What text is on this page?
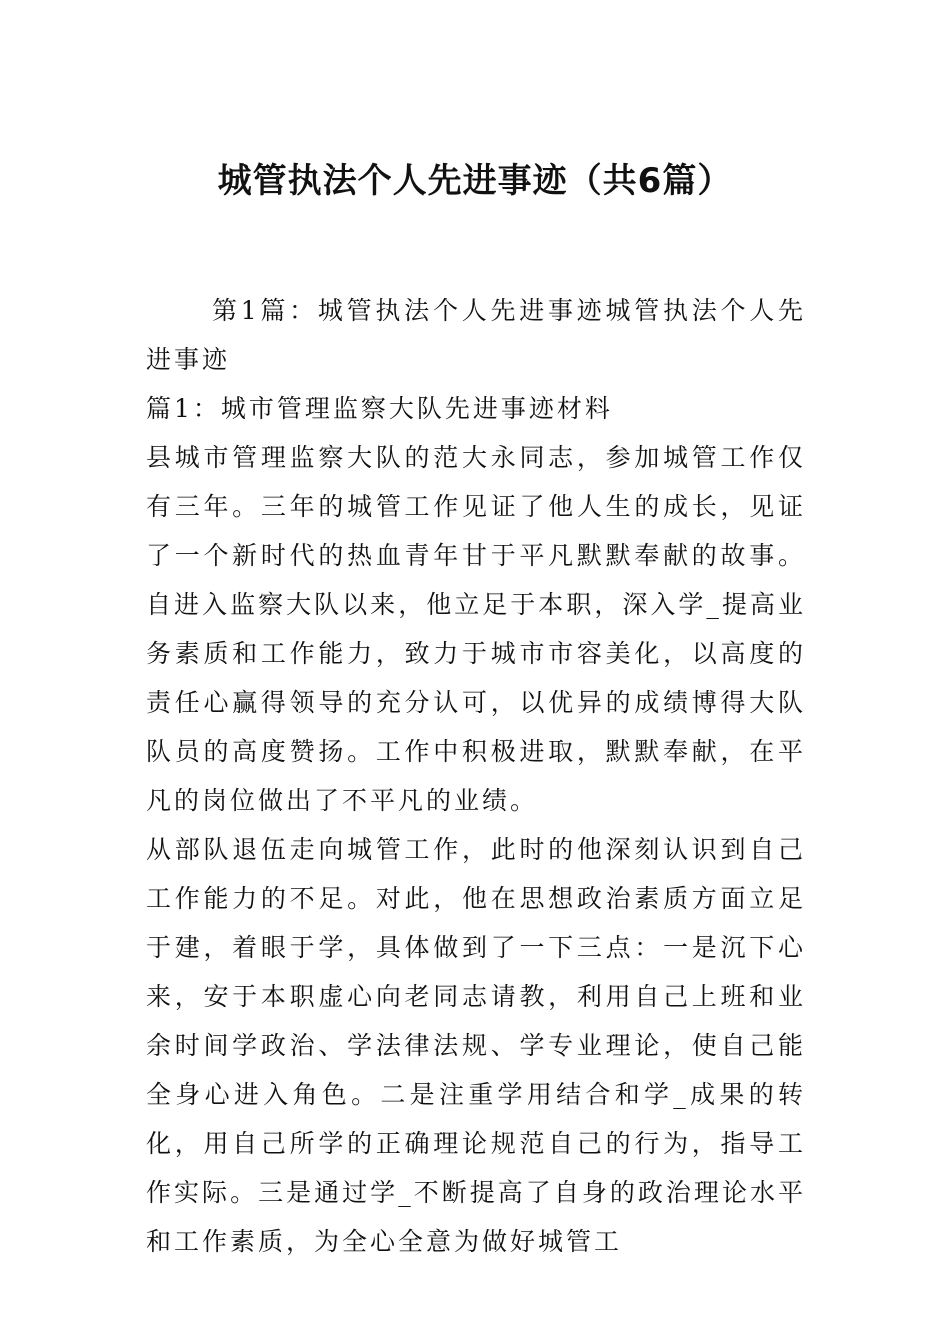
城管执法个人先进事迹（共6篇）

第1篇：城管执法个人先进事迹城管执法个人先进事迹

篇1：城市管理监察大队先进事迹材料

县城市管理监察大队的范大永同志，参加城管工作仅有三年。三年的城管工作见证了他人生的成长，见证了一个新时代的热血青年甘于平凡默默奉献的故事。自进入监察大队以来，他立足于本职，深入学_提高业务素质和工作能力，致力于城市市容美化，以高度的责任心赢得领导的充分认可，以优异的成绩博得大队队员的高度赞扬。工作中积极进取，默默奉献，在平凡的岗位做出了不平凡的业绩。

从部队退伍走向城管工作，此时的他深刻认识到自己工作能力的不足。对此，他在思想政治素质方面立足于建，着眼于学，具体做到了一下三点：一是沉下心来，安于本职虚心向老同志请教，利用自己上班和业余时间学政治、学法律法规、学专业理论，使自己能全身心进入角色。二是注重学用结合和学_成果的转化，用自己所学的正确理论规范自己的行为，指导工作实际。三是通过学_不断提高了自身的政治理论水平和工作素质，为全心全意为做好城管工
